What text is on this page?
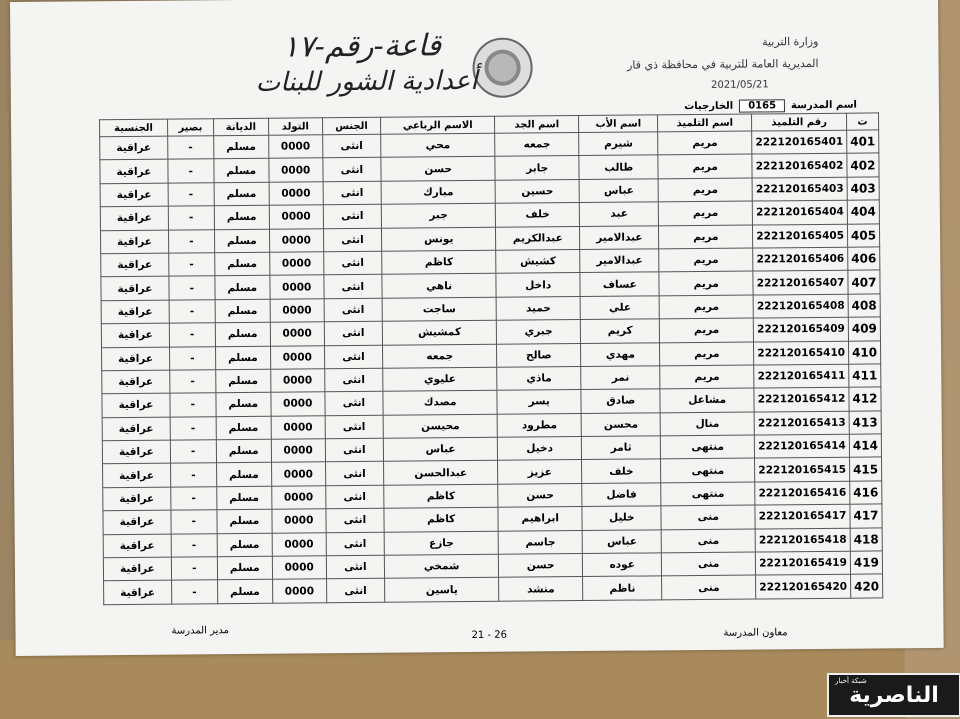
وزارة التربية
المديرية العامة للتربية في محافظة ذي قار
2021/05/21
قاعة-رقم-١٧
أعدادية الشور للبنات
اسم المدرسة
0165
الخارجيات
ت	رقم التلميذ	اسم التلميذ	اسم الأب	اسم الجد	الاسم الرباعي	الجنس	التولد	الديانة	بصير	الجنسية
401	222120165401	مريم	شيرم	جمعه	محي	انثى	0000	مسلم	-	عراقية
402	222120165402	مريم	طالب	جابر	حسن	انثى	0000	مسلم	-	عراقية
403	222120165403	مريم	عباس	حسين	مبارك	انثى	0000	مسلم	-	عراقية
404	222120165404	مريم	عبد	خلف	جبر	انثى	0000	مسلم	-	عراقية
405	222120165405	مريم	عبدالامير	عبدالكريم	يونس	انثى	0000	مسلم	-	عراقية
406	222120165406	مريم	عبدالامير	كشيش	كاظم	انثى	0000	مسلم	-	عراقية
407	222120165407	مريم	عساف	داخل	ناهي	انثى	0000	مسلم	-	عراقية
408	222120165408	مريم	علي	حميد	ساجت	انثى	0000	مسلم	-	عراقية
409	222120165409	مريم	كريم	جبري	كمشيش	انثى	0000	مسلم	-	عراقية
410	222120165410	مريم	مهدي	صالح	جمعه	انثى	0000	مسلم	-	عراقية
411	222120165411	مريم	نمر	ماذي	عليوي	انثى	0000	مسلم	-	عراقية
412	222120165412	مشاعل	صادق	يسر	مصدك	انثى	0000	مسلم	-	عراقية
413	222120165413	منال	محسن	مطرود	محيسن	انثى	0000	مسلم	-	عراقية
414	222120165414	منتهى	ثامر	دخيل	عباس	انثى	0000	مسلم	-	عراقية
415	222120165415	منتهى	خلف	عزيز	عبدالحسن	انثى	0000	مسلم	-	عراقية
416	222120165416	منتهى	فاضل	حسن	كاظم	انثى	0000	مسلم	-	عراقية
417	222120165417	منى	خليل	ابراهيم	كاظم	انثى	0000	مسلم	-	عراقية
418	222120165418	منى	عباس	جاسم	جازع	انثى	0000	مسلم	-	عراقية
419	222120165419	منى	عوده	حسن	شمخي	انثى	0000	مسلم	-	عراقية
420	222120165420	منى	ناظم	منشد	ياسين	انثى	0000	مسلم	-	عراقية
معاون المدرسة
21 - 26
مدير المدرسة
شبكة أخبار
الناصرية
